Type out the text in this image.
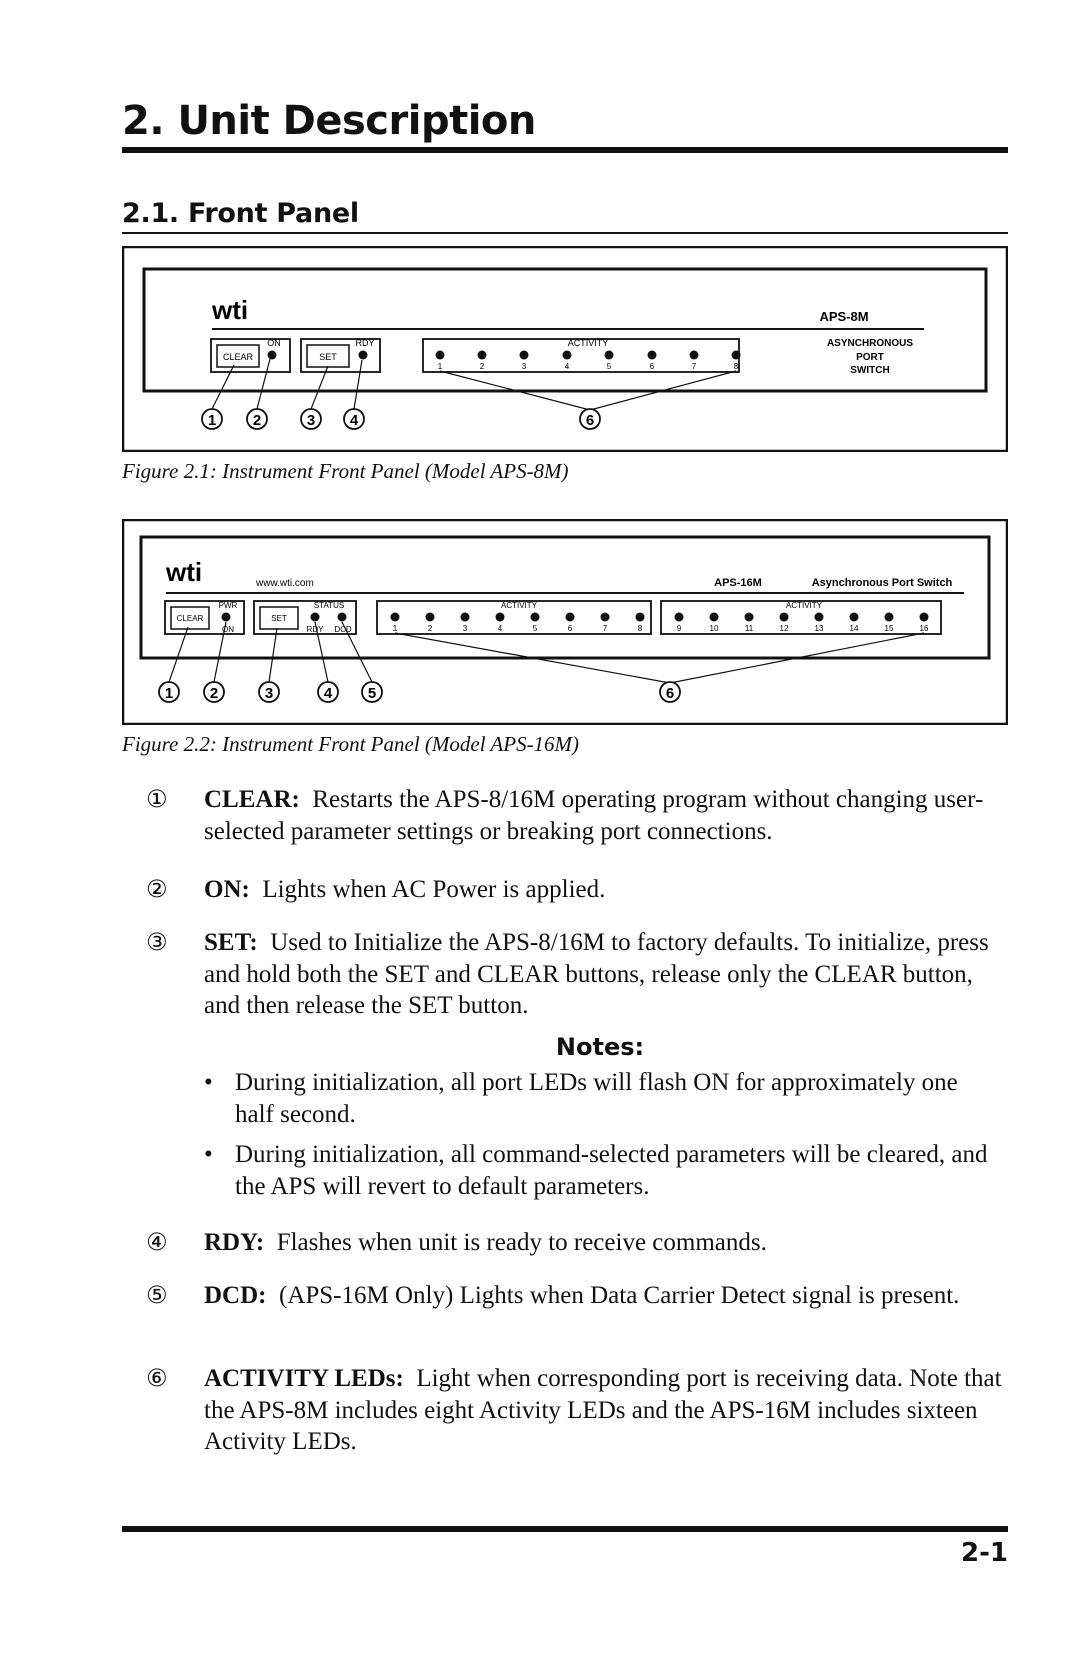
2. Unit Description
2.1. Front Panel
wti	APS-8M
ASYNCHRONOUS
PORT
SWITCH
CLEAR
ON
SET
RDY	ACTIVITY
1	2	3	4	5	6	7	8
1 2	3 4	6
Figure 2.1: Instrument Front Panel (Model APS-8M)
wti	www.wti.com	APS-16M	Asynchronous Port Switch
CLEAR
PWR
ON
SET
STATUS
RDY DCD
ACTIVITY
1	2	3	4	5	6	7	8
ACTIVITY
9	10	11	12	13	14	15	16
1 2	3	4 5	6
Figure 2.2: Instrument Front Panel (Model APS-16M)
① CLEAR: Restarts the APS-8/16M operating program without changing user-selected parameter settings or breaking port connections.
② ON: Lights when AC Power is applied.
③ SET: Used to Initialize the APS-8/16M to factory defaults. To initialize, press and hold both the SET and CLEAR buttons, release only the CLEAR button, and then release the SET button.
Notes:
• During initialization, all port LEDs will flash ON for approximately one half second.
• During initialization, all command-selected parameters will be cleared, and the APS will revert to default parameters.
④ RDY: Flashes when unit is ready to receive commands.
⑤ DCD: (APS-16M Only) Lights when Data Carrier Detect signal is present.
⑥ ACTIVITY LEDs: Light when corresponding port is receiving data. Note that the APS-8M includes eight Activity LEDs and the APS-16M includes sixteen Activity LEDs.
2-1
